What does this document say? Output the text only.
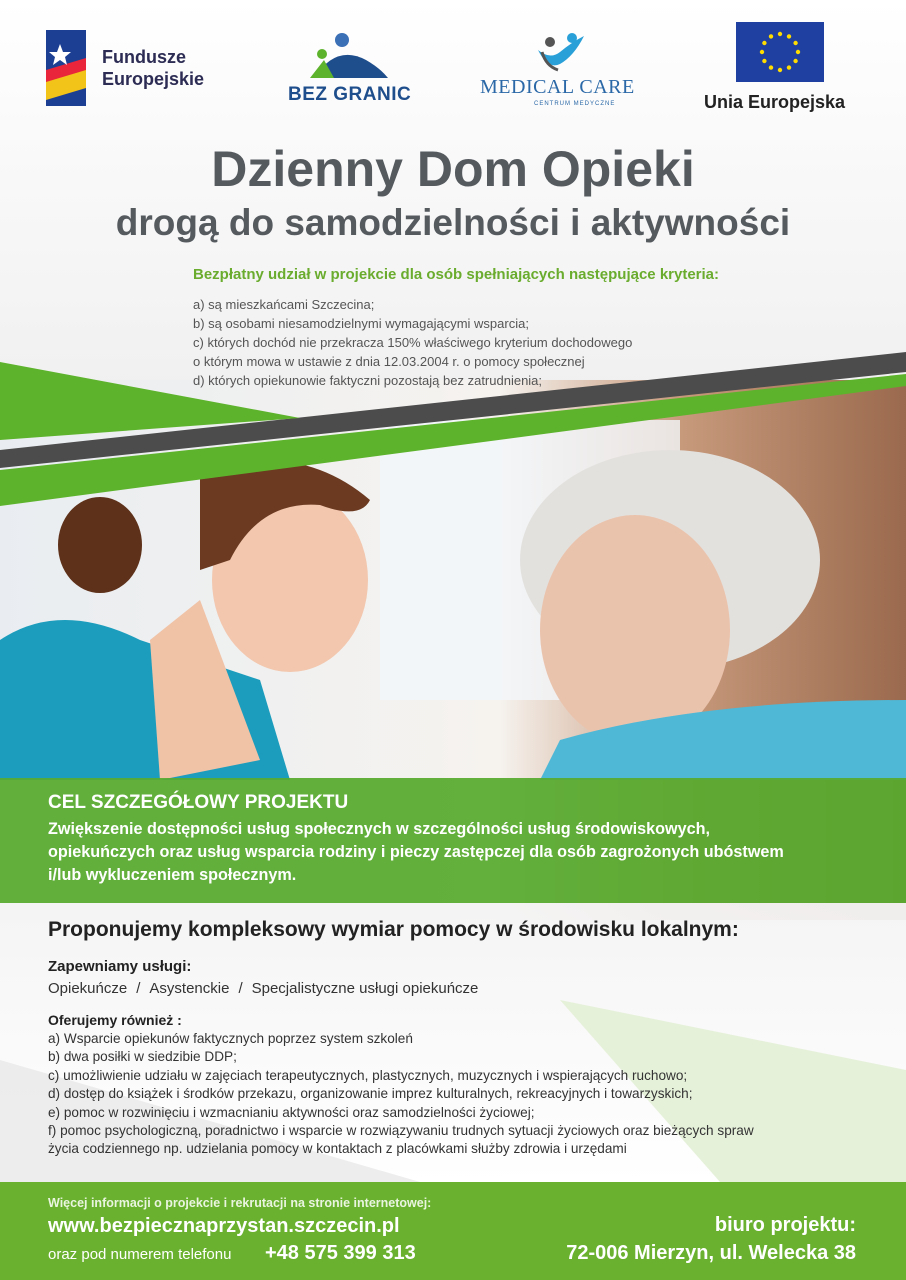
Fundusze
Europejskie
BEZ GRANIC	MEDICAL CARE
CENTRUM MEDYCZNE	Unia Europejska
Dzienny Dom Opieki
drogą do samodzielności i aktywności
Bezpłatny udział w projekcie dla osób spełniających następujące kryteria:
a) są mieszkańcami Szczecina;
b) są osobami niesamodzielnymi wymagającymi wsparcia;
c) których dochód nie przekracza 150% właściwego kryterium dochodowego
o którym mowa w ustawie z dnia 12.03.2004 r. o pomocy społecznej
d) których opiekunowie faktyczni pozostają bez zatrudnienia;
CEL SZCZEGÓŁOWY PROJEKTU
Zwiększenie dostępności usług społecznych w szczególności usług środowiskowych,
opiekuńczych oraz usług wsparcia rodziny i pieczy zastępczej dla osób zagrożonych ubóstwem
i/lub wykluczeniem społecznym.
Proponujemy kompleksowy wymiar pomocy w środowisku lokalnym:
Zapewniamy usługi:
Opiekuńcze / Asystenckie / Specjalistyczne usługi opiekuńcze
Oferujemy również :
a) Wsparcie opiekunów faktycznych poprzez system szkoleń
b) dwa posiłki w siedzibie DDP;
c) umożliwienie udziału w zajęciach terapeutycznych, plastycznych, muzycznych i wspierających ruchowo;
d) dostęp do książek i środków przekazu, organizowanie imprez kulturalnych, rekreacyjnych i towarzyskich;
e) pomoc w rozwinięciu i wzmacnianiu aktywności oraz samodzielności życiowej;
f) pomoc psychologiczną, poradnictwo i wsparcie w rozwiązywaniu trudnych sytuacji życiowych oraz bieżących spraw
życia codziennego np. udzielania pomocy w kontaktach z placówkami służby zdrowia i urzędami
Więcej informacji o projekcie i rekrutacji na stronie internetowej:
www.bezpiecznaprzystan.szczecin.pl
oraz pod numerem telefonu +48 575 399 313
biuro projektu:
72-006 Mierzyn, ul. Welecka 38
